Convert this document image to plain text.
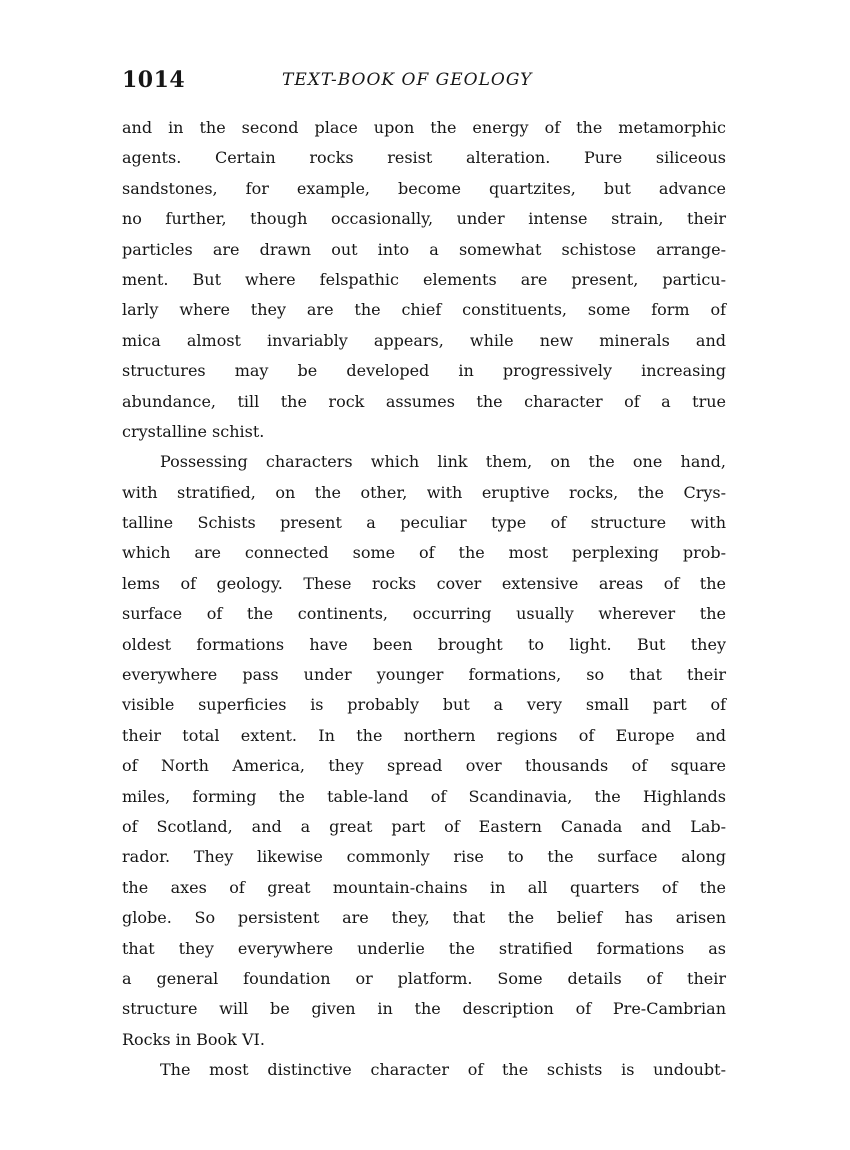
1014	TEXT-BOOK OF GEOLOGY
and in the second place upon the energy of the metamorphic
agents. Certain rocks resist alteration. Pure siliceous
sandstones, for example, become quartzites, but advance
no further, though occasionally, under intense strain, their
particles are drawn out into a somewhat schistose arrange-
ment. But where felspathic elements are present, particu-
larly where they are the chief constituents, some form of
mica almost invariably appears, while new minerals and
structures may be developed in progressively increasing
abundance, till the rock assumes the character of a true
crystalline schist.
Possessing characters which link them, on the one hand,
with stratified, on the other, with eruptive rocks, the Crys-
talline Schists present a peculiar type of structure with
which are connected some of the most perplexing prob-
lems of geology. These rocks cover extensive areas of the
surface of the continents, occurring usually wherever the
oldest formations have been brought to light. But they
everywhere pass under younger formations, so that their
visible superficies is probably but a very small part of
their total extent. In the northern regions of Europe and
of North America, they spread over thousands of square
miles, forming the table-land of Scandinavia, the Highlands
of Scotland, and a great part of Eastern Canada and Lab-
rador. They likewise commonly rise to the surface along
the axes of great mountain-chains in all quarters of the
globe. So persistent are they, that the belief has arisen
that they everywhere underlie the stratified formations as
a general foundation or platform. Some details of their
structure will be given in the description of Pre-Cambrian
Rocks in Book VI.
The most distinctive character of the schists is undoubt-
